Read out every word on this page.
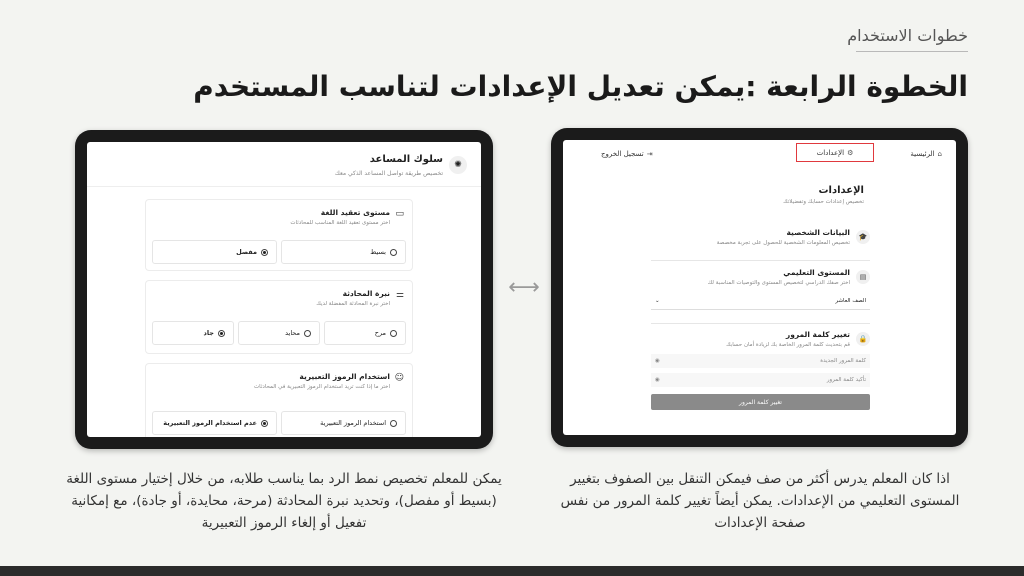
خطوات الاستخدام
الخطوة الرابعة :يمكن تعديل الإعدادات لتناسب المستخدم
⌂
الرئيسية
⚙
الإعدادات
⇥
تسجيل الخروج
الإعدادات
تخصيص إعدادات حسابك وتفضيلاتك
🎓
البيانات الشخصية
تخصيص المعلومات الشخصية للحصول على تجربة مخصصة
▤
المستوى التعليمي
اختر صفك الدراسي لتخصيص المستوى والتوصيات المناسبة لك
الصف العاشر
⌄
🔒
تغيير كلمة المرور
قم بتحديث كلمة المرور الخاصة بك لزيادة أمان حسابك
كلمة المرور الجديدة
◉
تأكيد كلمة المرور
◉
تغيير كلمة المرور
⟷
✺
سلوك المساعد
تخصيص طريقة تواصل المساعد الذكي معك
▭
مستوى تعقيد اللغة
اختر مستوى تعقيد اللغة المناسب للمحادثات
بسيط
مفصل
⚌
نبرة المحادثة
اختر نبرة المحادثة المفضلة لديك
مرح
محايد
جاد
☺
استخدام الرموز التعبيرية
اختر ما إذا كنت تريد استخدام الرموز التعبيرية في المحادثات
استخدام الرموز التعبيرية
عدم استخدام الرموز التعبيرية
اذا كان المعلم يدرس أكثر من صف فيمكن التنقل بين الصفوف بتغيير المستوى التعليمي من الإعدادات. يمكن أيضاً تغيير كلمة المرور من نفس صفحة الإعدادات
يمكن للمعلم تخصيص نمط الرد بما يناسب طلابه، من خلال إختيار مستوى اللغة (بسيط أو مفصل)، وتحديد نبرة المحادثة (مرحة، محايدة، أو جادة)، مع إمكانية تفعيل أو إلغاء الرموز التعبيرية
